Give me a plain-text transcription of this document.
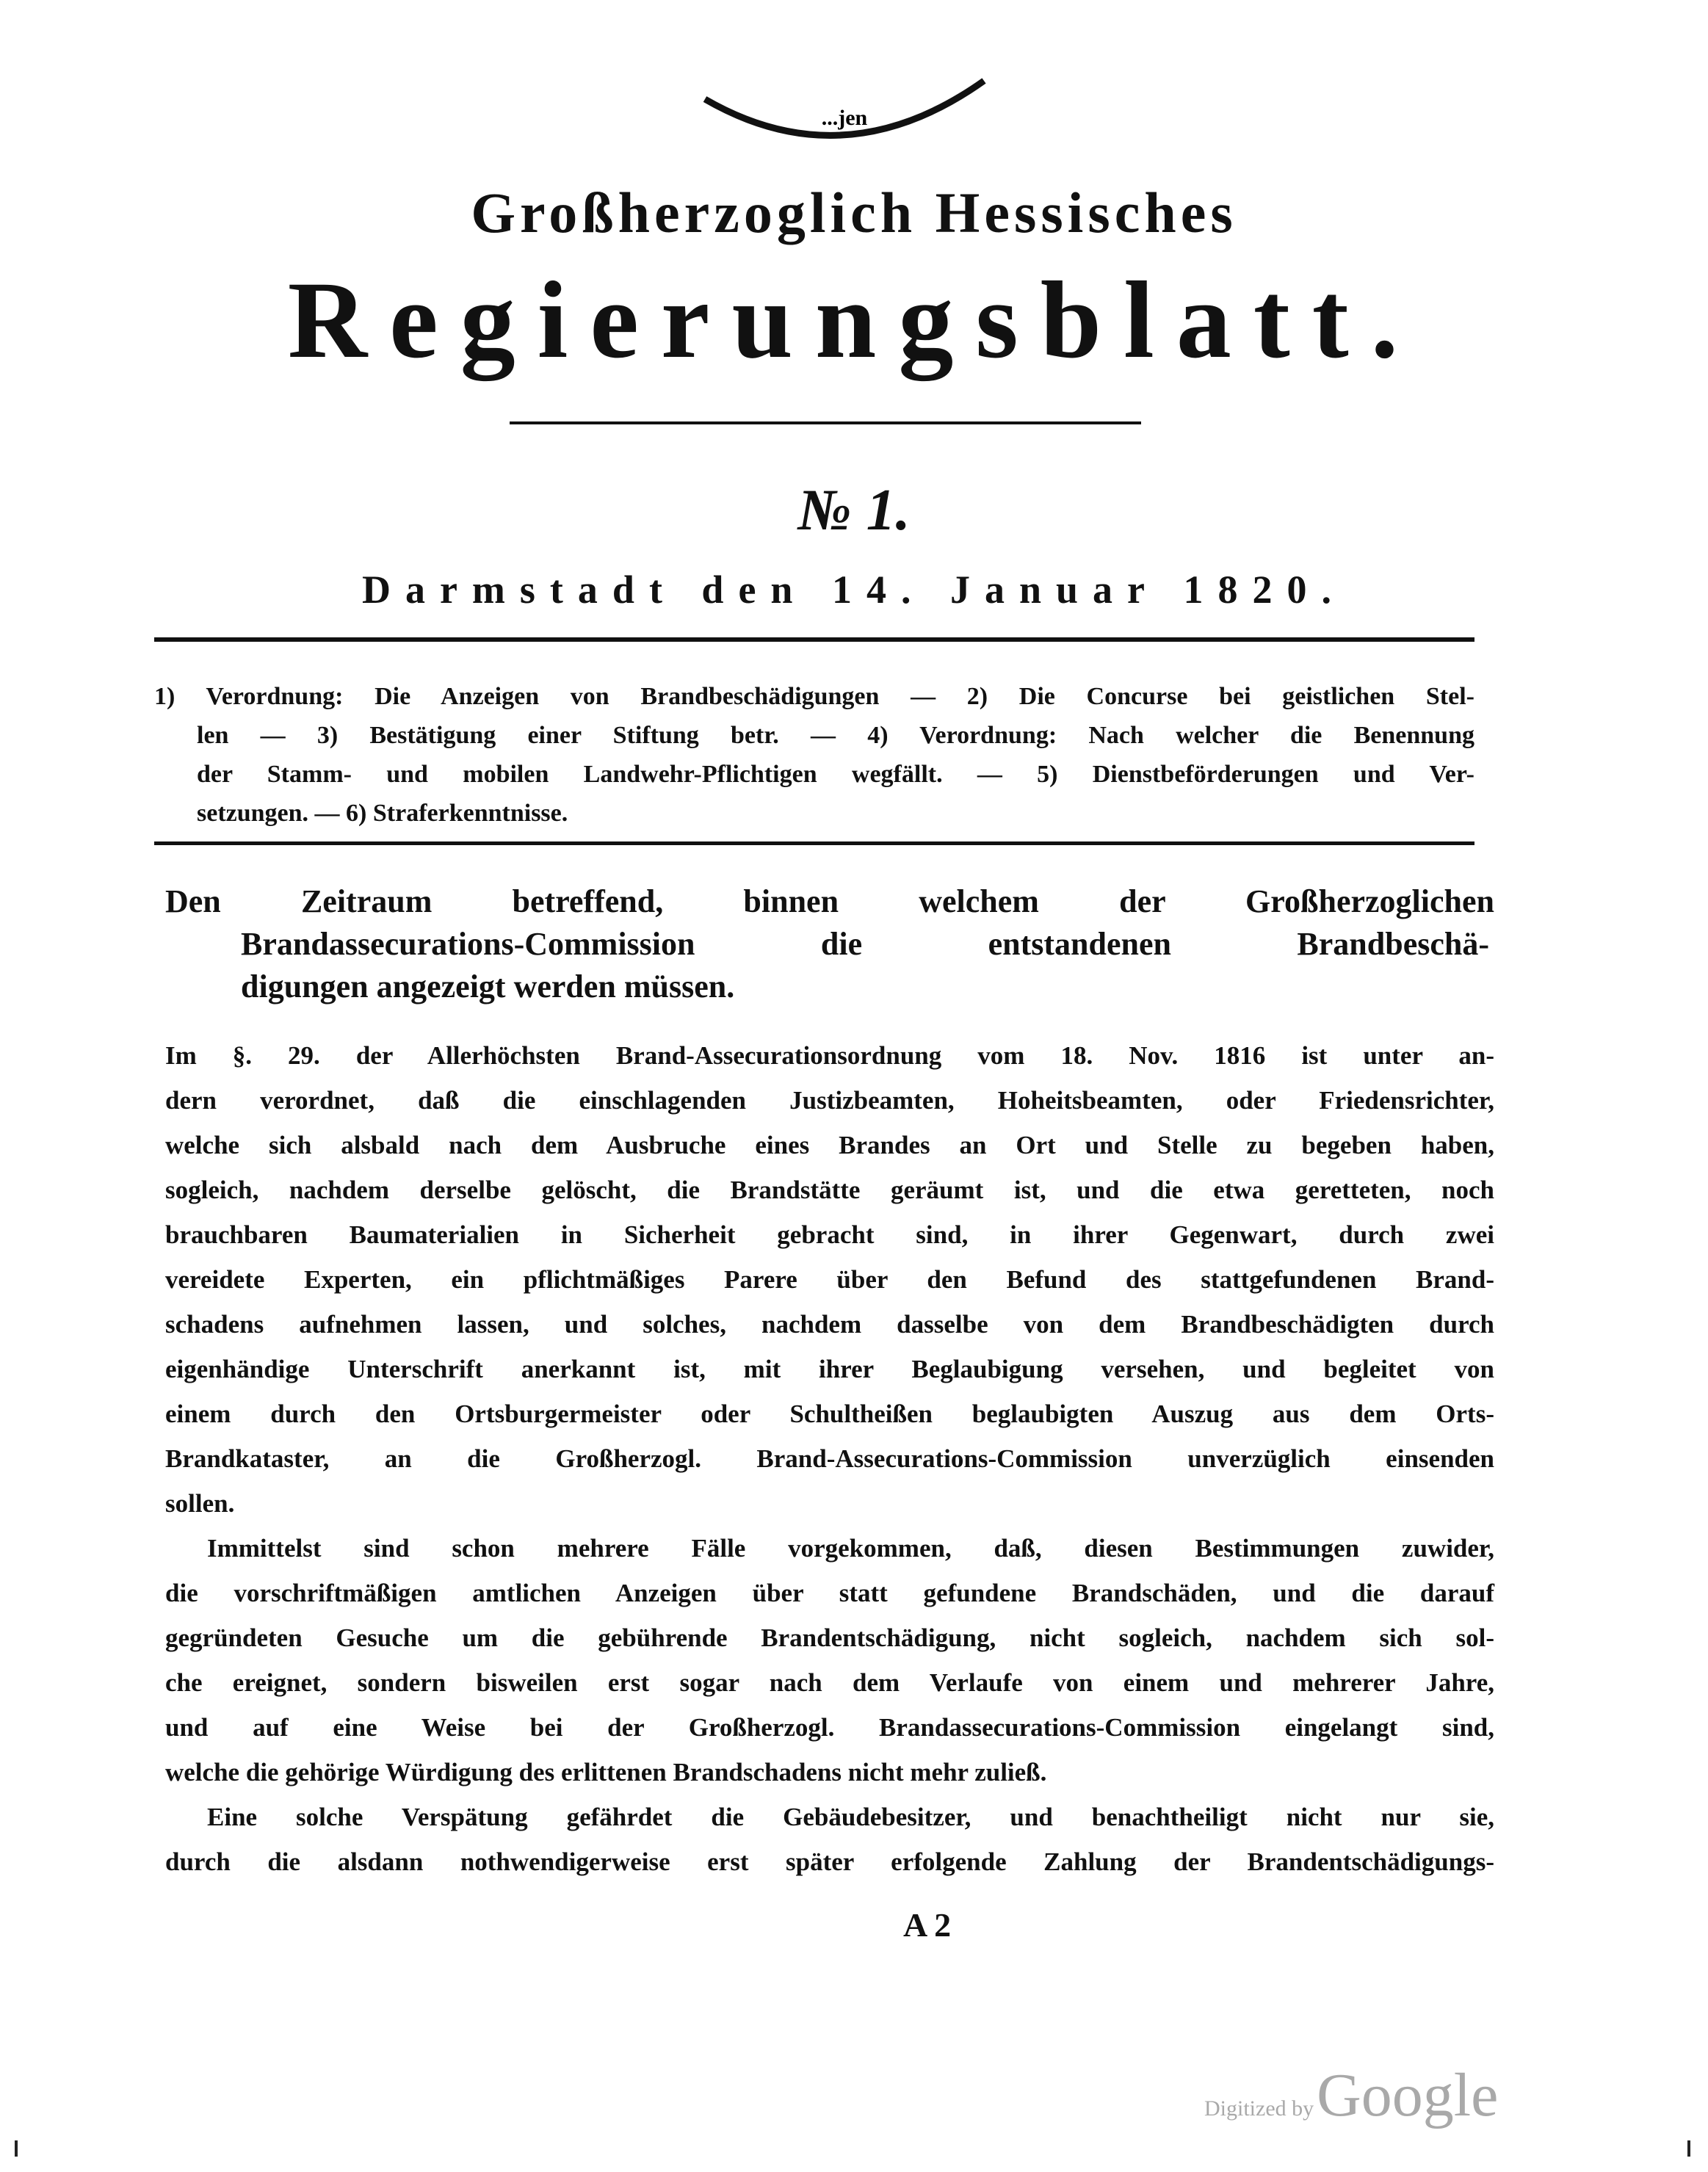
...jen
Großherzoglich Hessisches
Regierungsblatt.
№ 1.
Darmstadt den 14. Januar 1820.
1) Verordnung: Die Anzeigen von Brandbeschädigungen — 2) Die Concurse bei geistlichen Stel-
len — 3) Bestätigung einer Stiftung betr. — 4) Verordnung: Nach welcher die Benennung
der Stamm- und mobilen Landwehr-Pflichtigen wegfällt. — 5) Dienstbeförderungen und Ver-
setzungen. — 6) Straferkenntnisse.
Den Zeitraum betreffend, binnen welchem der Großherzoglichen
Brandassecurations-Commission die entstandenen Brandbeschä-
digungen angezeigt werden müssen.
Im §. 29. der Allerhöchsten Brand-Assecurationsordnung vom 18. Nov. 1816 ist unter an-
dern verordnet, daß die einschlagenden Justizbeamten, Hoheitsbeamten, oder Friedensrichter,
welche sich alsbald nach dem Ausbruche eines Brandes an Ort und Stelle zu begeben haben,
sogleich, nachdem derselbe gelöscht, die Brandstätte geräumt ist, und die etwa geretteten, noch
brauchbaren Baumaterialien in Sicherheit gebracht sind, in ihrer Gegenwart, durch zwei
vereidete Experten, ein pflichtmäßiges Parere über den Befund des stattgefundenen Brand-
schadens aufnehmen lassen, und solches, nachdem dasselbe von dem Brandbeschädigten durch
eigenhändige Unterschrift anerkannt ist, mit ihrer Beglaubigung versehen, und begleitet von
einem durch den Ortsburgermeister oder Schultheißen beglaubigten Auszug aus dem Orts-
Brandkataster, an die Großherzogl. Brand-Assecurations-Commission unverzüglich einsenden
sollen.
Immittelst sind schon mehrere Fälle vorgekommen, daß, diesen Bestimmungen zuwider,
die vorschriftmäßigen amtlichen Anzeigen über statt gefundene Brandschäden, und die darauf
gegründeten Gesuche um die gebührende Brandentschädigung, nicht sogleich, nachdem sich sol-
che ereignet, sondern bisweilen erst sogar nach dem Verlaufe von einem und mehrerer Jahre,
und auf eine Weise bei der Großherzogl. Brandassecurations-Commission eingelangt sind,
welche die gehörige Würdigung des erlittenen Brandschadens nicht mehr zuließ.
Eine solche Verspätung gefährdet die Gebäudebesitzer, und benachtheiligt nicht nur sie,
durch die alsdann nothwendigerweise erst später erfolgende Zahlung der Brandentschädigungs-
A 2
Digitized by Google
